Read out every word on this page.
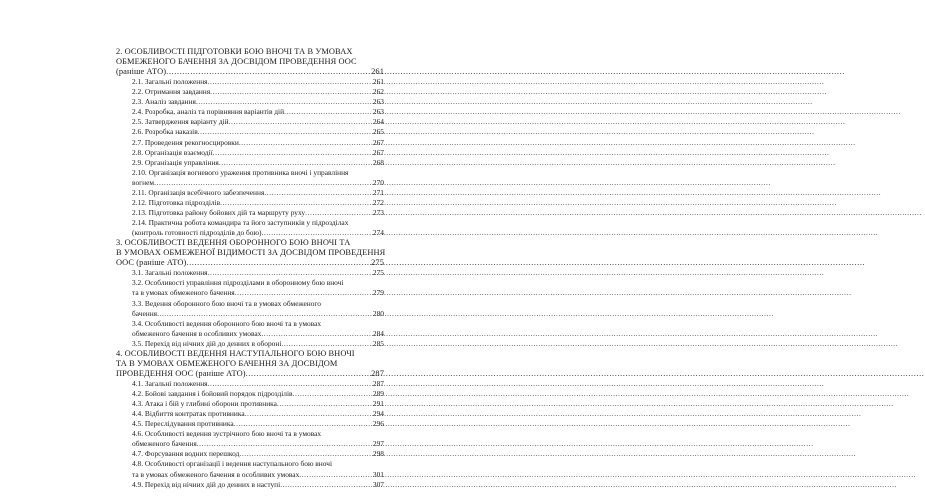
2. ОСОБЛИВОСТІ ПІДГОТОВКИ БОЮ ВНОЧІ ТА В УМОВАХ
ОБМЕЖЕНОГО БАЧЕННЯ ЗА ДОСВІДОМ ПРОВЕДЕННЯ ООС
(раніше АТО) .....	261
2.1. Загальні положення .....	261
2.2. Отримання завдання .....	262
2.3. Аналіз завдання .....	263
2.4. Розробка, аналіз та порівняння варіантів дій .....	263
2.5. Затвердження варіанту дій .....	264
2.6. Розробка наказів .....	265
2.7. Проведення рекогносцировки .....	267
2.8. Організація взаємодії .....	267
2.9. Організація управління .....	268
2.10. Організація вогневого ураження противника вночі і управління
вогнем .....	270
2.11. Організація всебічного забезпечення .....	271
2.12. Підготовка підрозділів .....	272
2.13. Підготовка району бойових дій та маршруту руху .....	273
2.14. Практична робота командира та його заступників у підрозділах
(контроль готовності підрозділів до бою) .....	274
3. ОСОБЛИВОСТІ ВЕДЕННЯ ОБОРОННОГО БОЮ ВНОЧІ ТА
В УМОВАХ ОБМЕЖЕНОЇ ВІДИМОСТІ ЗА ДОСВІДОМ ПРОВЕДЕННЯ
ООС (раніше АТО) .....	275
3.1. Загальні положення .....	275
3.2. Особливості управління підрозділами в оборонному бою вночі
та в умовах обмеженого бачення .....	279
3.3. Ведення оборонного бою вночі та в умовах обмеженого
бачення .....	280
3.4. Особливості ведення оборонного бою вночі та в умовах
обмеженого бачення в особливих умовах .....	284
3.5. Перехід від нічних дій до денних в обороні .....	285
4. ОСОБЛИВОСТІ ВЕДЕННЯ НАСТУПАЛЬНОГО БОЮ ВНОЧІ
ТА В УМОВАХ ОБМЕЖЕНОГО БАЧЕННЯ ЗА ДОСВІДОМ
ПРОВЕДЕННЯ ООС (раніше АТО) .....	287
4.1. Загальні положення .....	287
4.2. Бойові завдання і бойовий порядок підрозділів .....	289
4.3. Атака і бій у глибині оборони противника .....	291
4.4. Відбиття контратак противника .....	294
4.5. Переслідування противника .....	296
4.6. Особливості ведення зустрічного бою вночі та в умовах
обмеженого бачення .....	297
4.7. Форсування водних перешкод .....	298
4.8. Особливості організації і ведення наступального бою вночі
та в умовах обмеженого бачення в особливих умовах .....	301
4.9. Перехід від нічних дій до денних в наступі .....	307
